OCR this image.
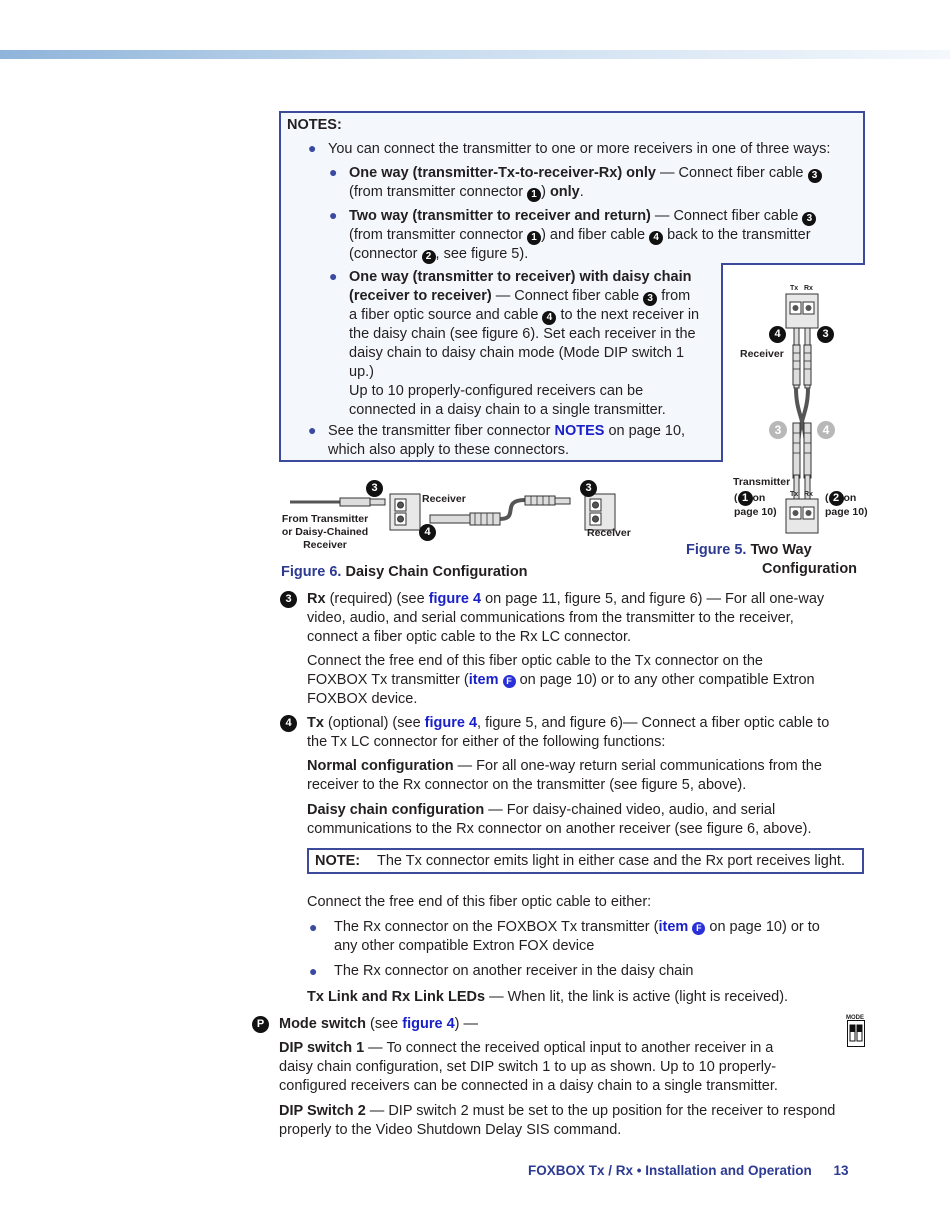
NOTES:
● You can connect the transmitter to one or more receivers in one of three ways:
● One way (transmitter-Tx-to-receiver-Rx) only — Connect fiber cable 3
(from transmitter connector 1 ) only.
● Two way (transmitter to receiver and return) — Connect fiber cable 3
(from transmitter connector 1 ) and fiber cable 4 back to the transmitter
(connector 2 , see figure 5).
● One way (transmitter to receiver) with daisy chain
(receiver to receiver) — Connect fiber cable 3 from
a fiber optic source and cable 4 to the next receiver in
the daisy chain (see figure 6). Set each receiver in the
daisy chain to daisy chain mode (Mode DIP switch 1
up.)
Up to 10 properly-configured receivers can be
connected in a daisy chain to a single transmitter.
● See the transmitter fiber connector NOTES on page 10,
which also apply to these connectors.
Tx Rx
4	3
Receiver
3	4
Transmitter
Tx Rx
( 1 on
page 10)
( 2 on
page 10)
Figure 5. Two Way
Configuration
3	3
4
Receiver
Receiver
From Transmitter
or Daisy-Chained
Receiver
Figure 6. Daisy Chain Configuration
3	Rx (required) (see figure 4 on page 11, figure 5, and figure 6) — For all one-way
video, audio, and serial communications from the transmitter to the receiver,
connect a fiber optic cable to the Rx LC connector.
Connect the free end of this fiber optic cable to the Tx connector on the
FOXBOX Tx transmitter (item F on page 10) or to any other compatible Extron
FOXBOX device.
4	Tx (optional) (see figure 4, figure 5, and figure 6)— Connect a fiber optic cable to
the Tx LC connector for either of the following functions:
Normal configuration — For all one-way return serial communications from the
receiver to the Rx connector on the transmitter (see figure 5, above).
Daisy chain configuration — For daisy-chained video, audio, and serial
communications to the Rx connector on another receiver (see figure 6, above).
NOTE: The Tx connector emits light in either case and the Rx port receives light.
Connect the free end of this fiber optic cable to either:
● The Rx connector on the FOXBOX Tx transmitter (item F on page 10) or to
any other compatible Extron FOX device
● The Rx connector on another receiver in the daisy chain
Tx Link and Rx Link LEDs — When lit, the link is active (light is received).
P	Mode switch (see figure 4) —	MODE
DIP switch 1 — To connect the received optical input to another receiver in a
daisy chain configuration, set DIP switch 1 to up as shown. Up to 10 properly-
configured receivers can be connected in a daisy chain to a single transmitter.
DIP Switch 2 — DIP switch 2 must be set to the up position for the receiver to respond
properly to the Video Shutdown Delay SIS command.
FOXBOX Tx / Rx • Installation and Operation 13
